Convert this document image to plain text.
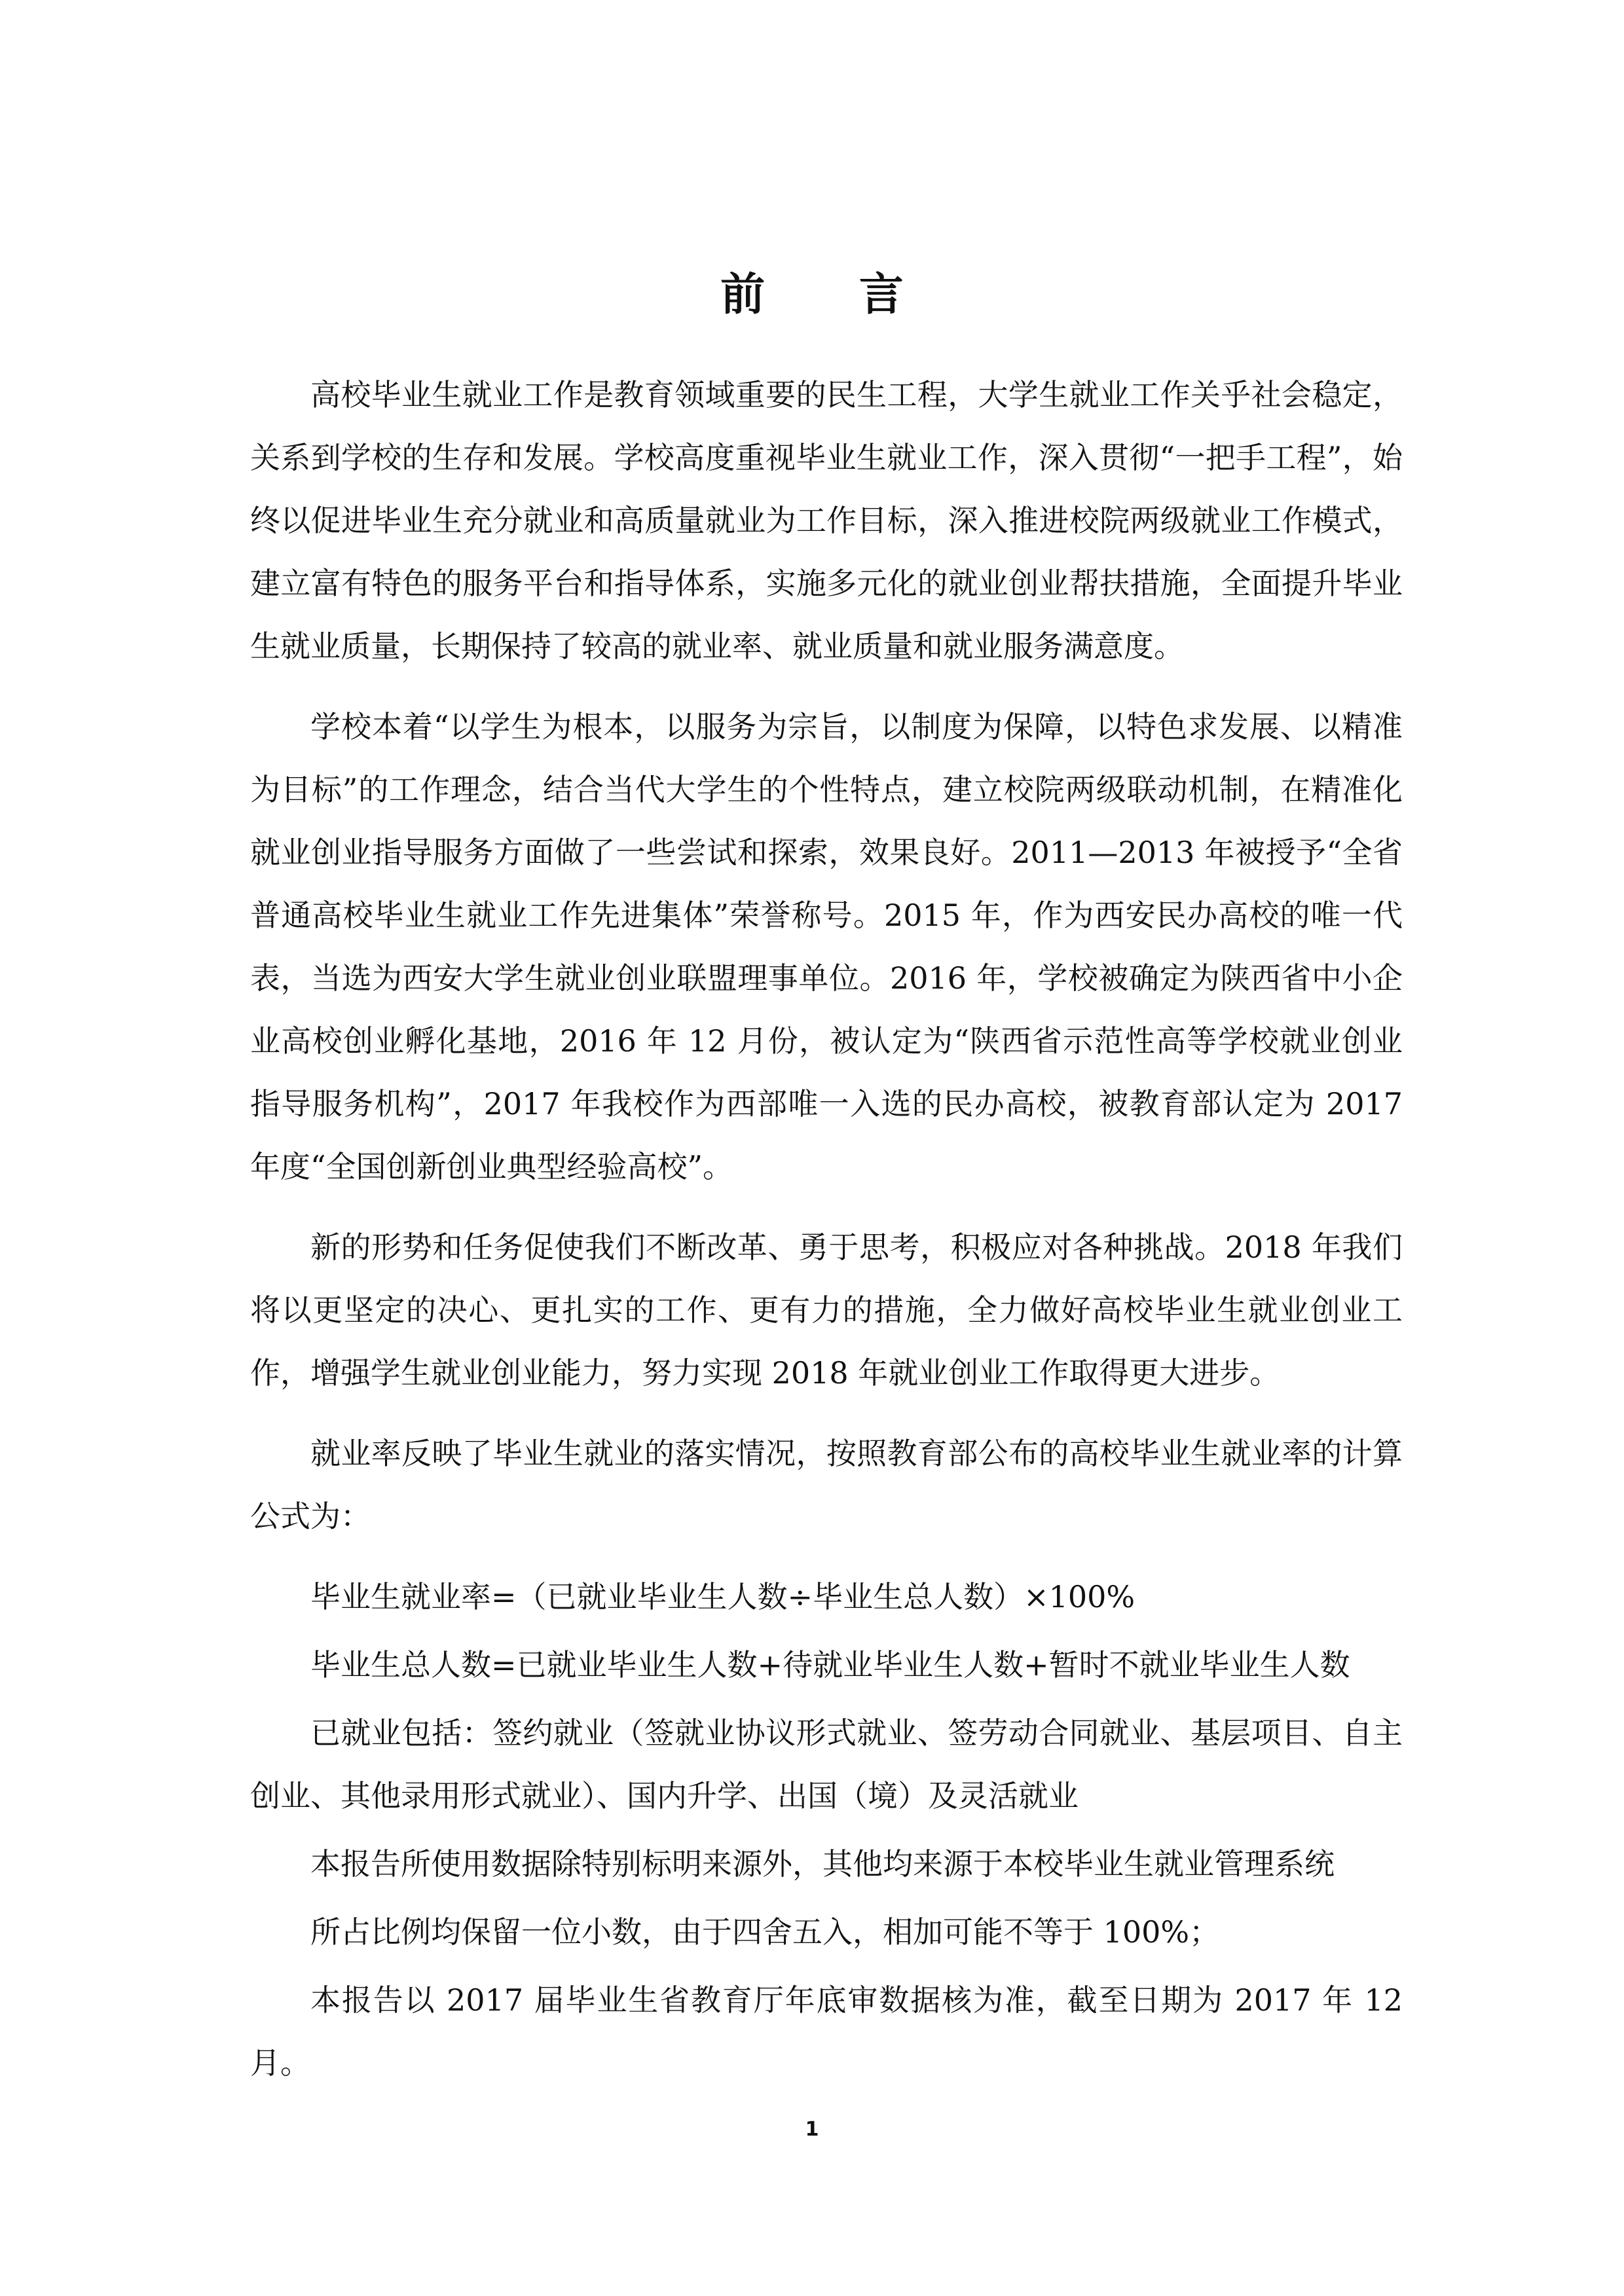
前 言

高校毕业生就业工作是教育领域重要的民生工程，大学生就业工作关乎社会稳定，关系到学校的生存和发展。学校高度重视毕业生就业工作，深入贯彻“一把手工程”，始终以促进毕业生充分就业和高质量就业为工作目标，深入推进校院两级就业工作模式，建立富有特色的服务平台和指导体系，实施多元化的就业创业帮扶措施，全面提升毕业生就业质量，长期保持了较高的就业率、就业质量和就业服务满意度。

学校本着“以学生为根本，以服务为宗旨，以制度为保障，以特色求发展、以精准为目标”的工作理念，结合当代大学生的个性特点，建立校院两级联动机制，在精准化就业创业指导服务方面做了一些尝试和探索，效果良好。2011—2013 年被授予“全省普通高校毕业生就业工作先进集体”荣誉称号。2015 年，作为西安民办高校的唯一代表，当选为西安大学生就业创业联盟理事单位。2016 年，学校被确定为陕西省中小企业高校创业孵化基地，2016 年 12 月份，被认定为“陕西省示范性高等学校就业创业指导服务机构”，2017 年我校作为西部唯一入选的民办高校，被教育部认定为 2017 年度“全国创新创业典型经验高校”。

新的形势和任务促使我们不断改革、勇于思考，积极应对各种挑战。2018 年我们将以更坚定的决心、更扎实的工作、更有力的措施，全力做好高校毕业生就业创业工作，增强学生就业创业能力，努力实现 2018 年就业创业工作取得更大进步。

就业率反映了毕业生就业的落实情况，按照教育部公布的高校毕业生就业率的计算公式为：

毕业生就业率=（已就业毕业生人数÷毕业生总人数）×100%

毕业生总人数=已就业毕业生人数+待就业毕业生人数+暂时不就业毕业生人数

已就业包括：签约就业（签就业协议形式就业、签劳动合同就业、基层项目、自主创业、其他录用形式就业）、国内升学、出国（境）及灵活就业

本报告所使用数据除特别标明来源外，其他均来源于本校毕业生就业管理系统

所占比例均保留一位小数，由于四舍五入，相加可能不等于 100%；

本报告以 2017 届毕业生省教育厅年底审数据核为准，截至日期为 2017 年 12 月。

1
